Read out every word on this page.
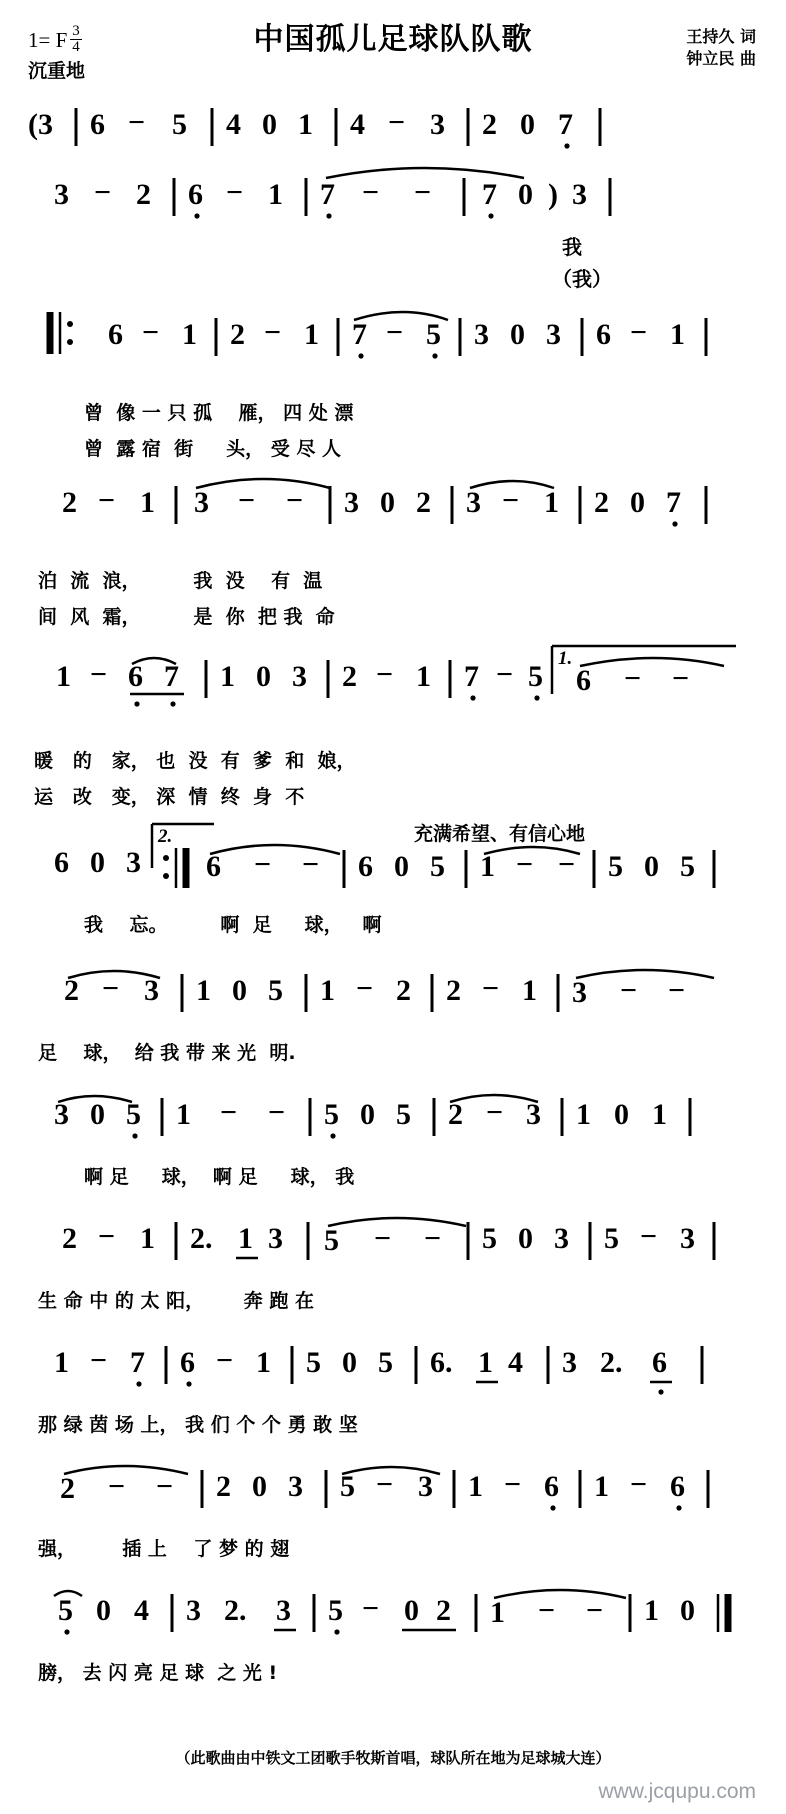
1= F $\frac{3}{4}$
沉重地
中国孤儿足球队队歌	王持久 词
钟立民 曲
(3 6 − 5 4 0 1 4 − 3 2 0 7
3 − 2 6 − 1 7 − − 7 0 ) 3
我
（我）
6 − 1 2 − 1 7 − 5 3 0 3 6 − 1
曾  像 一 只 孤    雁， 四 处 漂
曾  露 宿  街     头， 受 尽 人
2 − 1 3 − − 3 0 2 3 − 1 2 0 7
泊  流  浪，        我  没    有  温
间  风  霜，        是  你  把 我  命
1.
1 − 6 7 1 0 3 2 − 1 7 − 5 6 − −
暖   的   家， 也  没  有  爹  和  娘，
运   改   变， 深  情  终  身  不
2.
6 0 3
充满希望、有信心地
6 − − 6 0 5 1 − − 5 0 5
我    忘。        啊  足     球，   啊
2 − 3 1 0 5 1 − 2 2 − 1 3 − −
足    球，  给 我 带 来 光  明.
3 0 5 1 − − 5 0 5 2 − 3 1 0 1
啊 足     球，  啊 足     球， 我
2 − 1 2. 1 3 5 − − 5 0 3 5 − 3
生 命 中 的 太 阳，      奔 跑 在
1 − 7 6 − 1 5 0 5 6. 1 4 3 2. 6
那 绿 茵 场 上， 我 们 个 个 勇 敢 坚
2 − − 2 0 3 5 − 3 1 − 6 1 − 6
强，       插 上    了 梦 的 翅
5 0 4 3 2. 3 5 − 0 2 1 − − 1 0
膀， 去 闪 亮 足 球  之 光 !
（此歌曲由中铁文工团歌手牧斯首唱，球队所在地为足球城大连）
www.jcqupu.com
